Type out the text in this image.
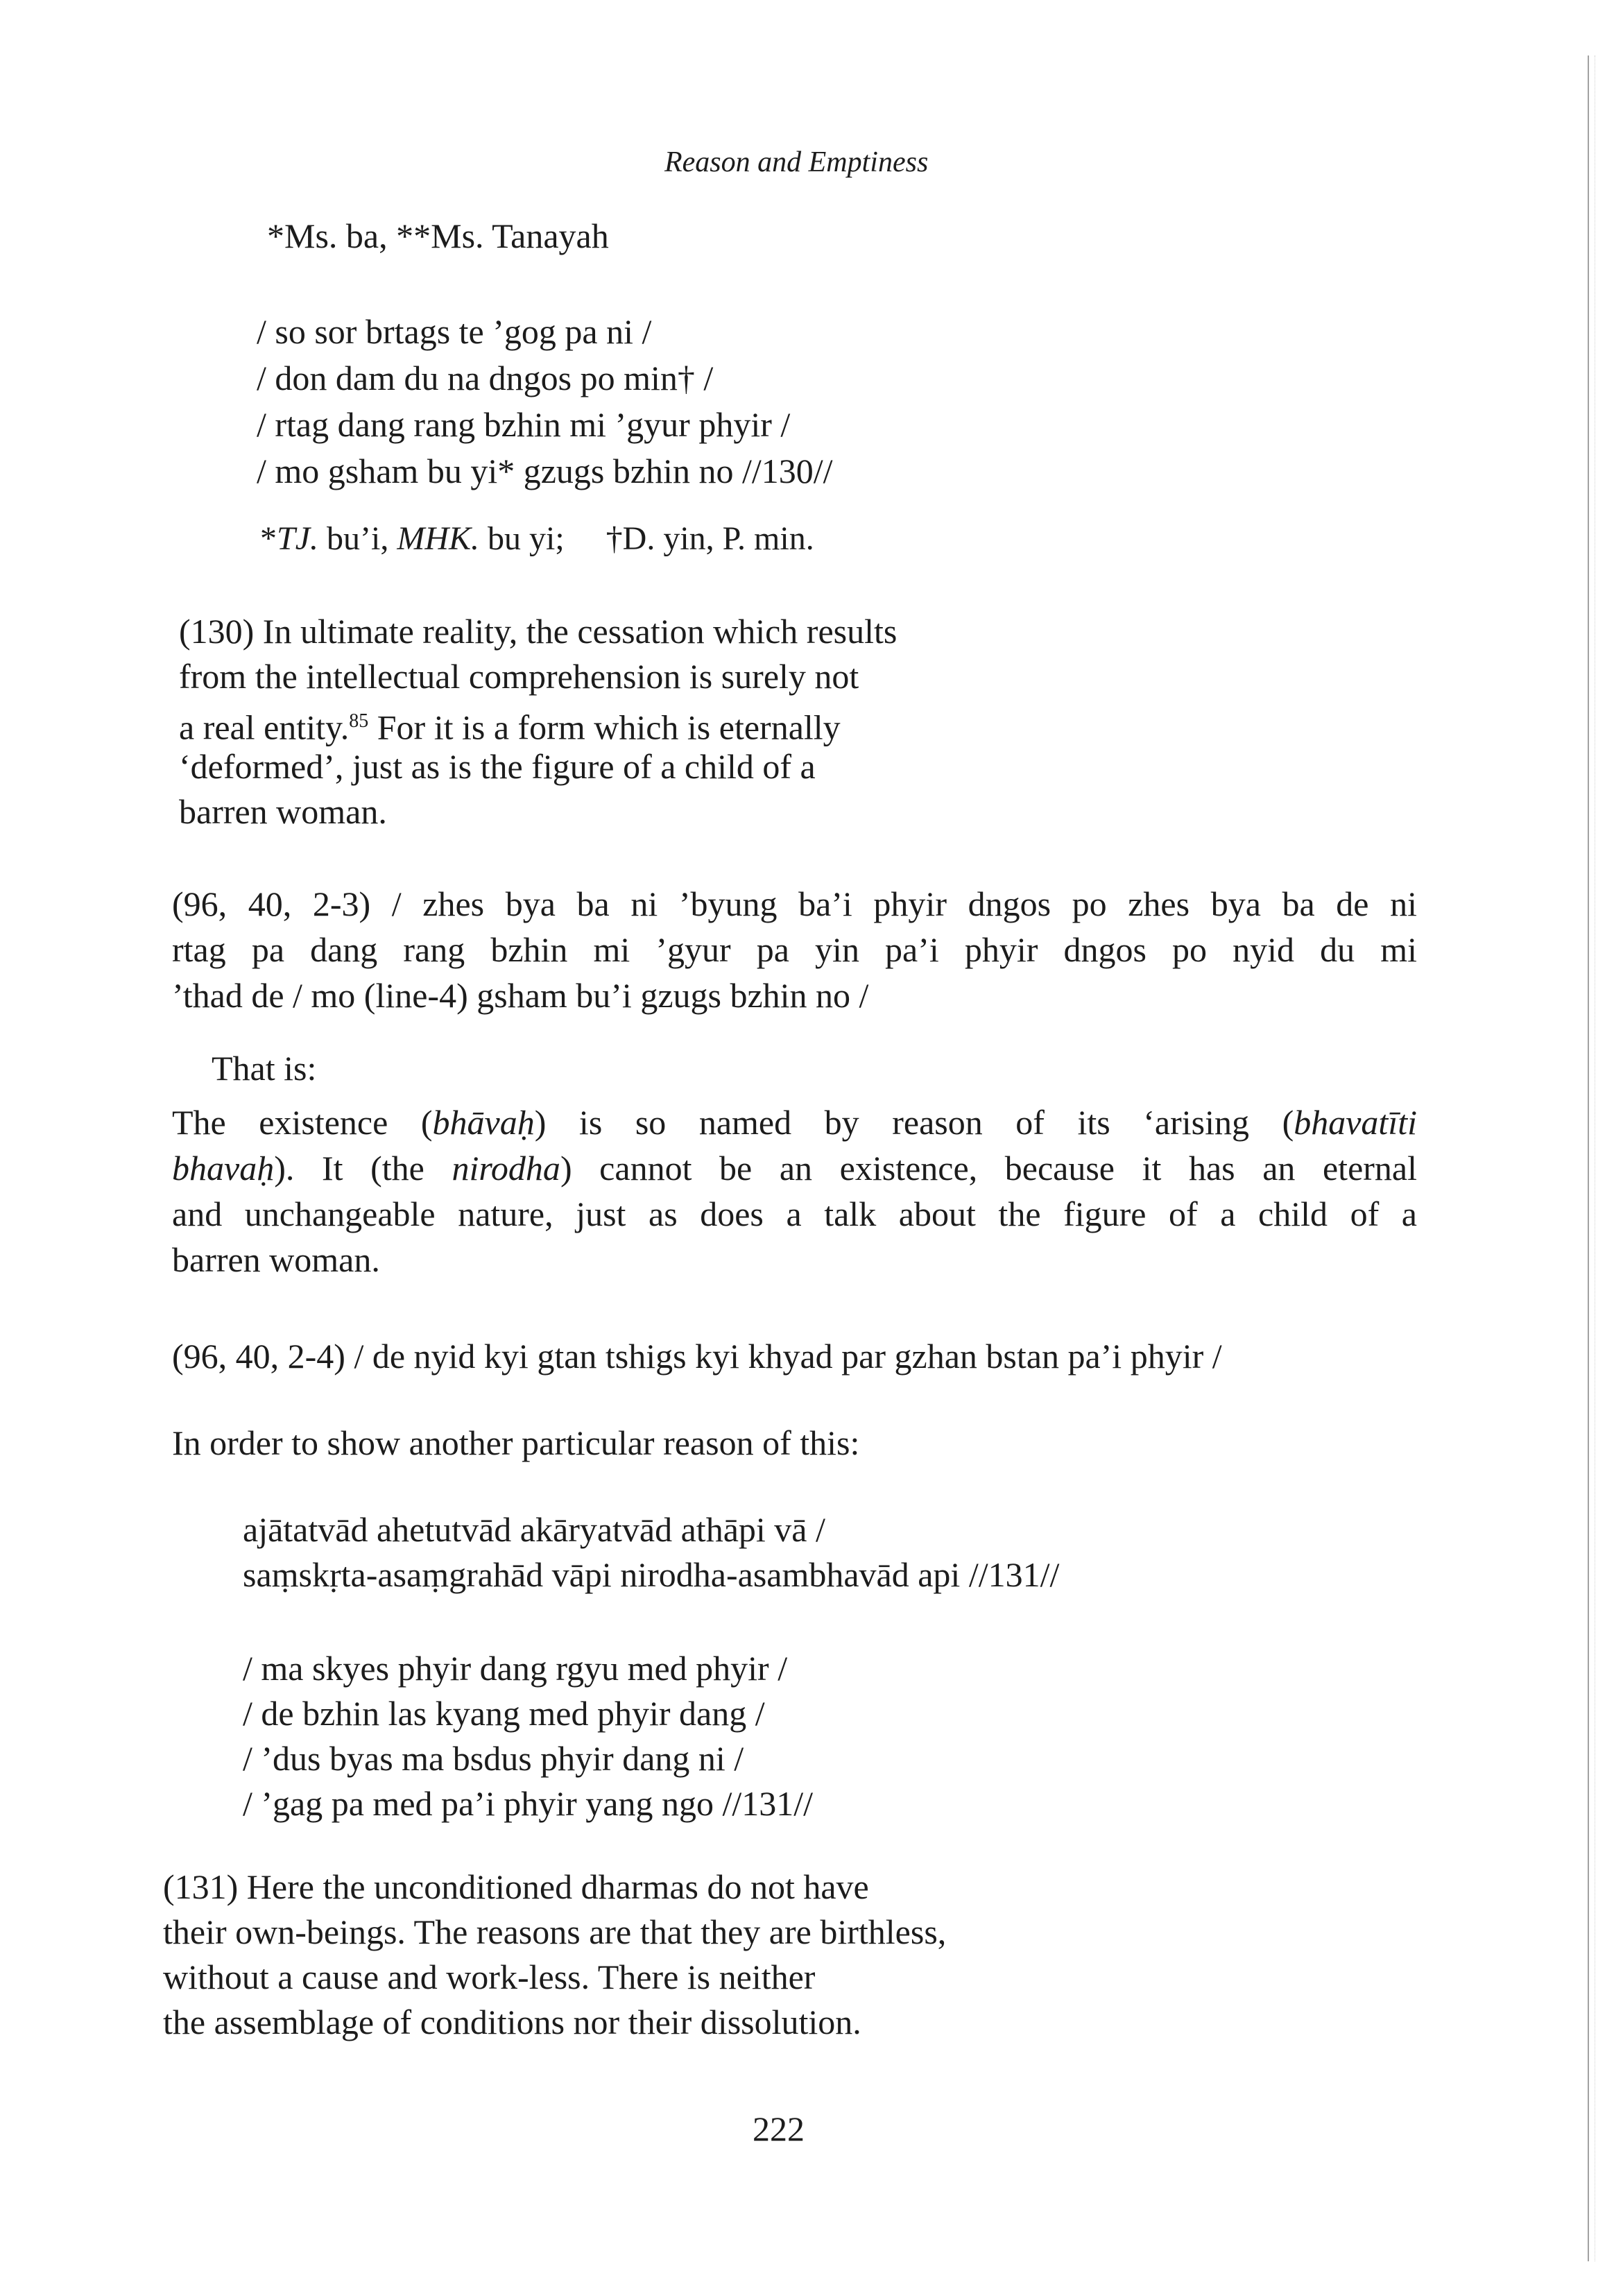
Reason and Emptiness
*Ms. ba, **Ms. Tanayah
/ so sor brtags te ’gog pa ni /
/ don dam du na dngos po min† /
/ rtag dang rang bzhin mi ’gyur phyir /
/ mo gsham bu yi* gzugs bzhin no //130//
*TJ. bu’i, MHK. bu yi; †D. yin, P. min.
(130) In ultimate reality, the cessation which results
from the intellectual comprehension is surely not
a real entity.$^{85}$ For it is a form which is eternally
‘deformed’, just as is the figure of a child of a
barren woman.
(96, 40, 2-3) / zhes bya ba ni ’byung ba’i phyir dngos po zhes bya ba de ni
rtag pa dang rang bzhin mi ’gyur pa yin pa’i phyir dngos po nyid du mi
’thad de / mo (line-4) gsham bu’i gzugs bzhin no /
That is:
The existence (bhāvaḥ) is so named by reason of its ‘arising (bhavatīti
bhavaḥ). It (the nirodha) cannot be an existence, because it has an eternal
and unchangeable nature, just as does a talk about the figure of a child of a
barren woman.
(96, 40, 2-4) / de nyid kyi gtan tshigs kyi khyad par gzhan bstan pa’i phyir /
In order to show another particular reason of this:
ajātatvād ahetutvād akāryatvād athāpi vā /
saṃskṛta-asaṃgrahād vāpi nirodha-asambhavād api //131//
/ ma skyes phyir dang rgyu med phyir /
/ de bzhin las kyang med phyir dang /
/ ’dus byas ma bsdus phyir dang ni /
/ ’gag pa med pa’i phyir yang ngo //131//
(131) Here the unconditioned dharmas do not have
their own-beings. The reasons are that they are birthless,
without a cause and work-less. There is neither
the assemblage of conditions nor their dissolution.
222
